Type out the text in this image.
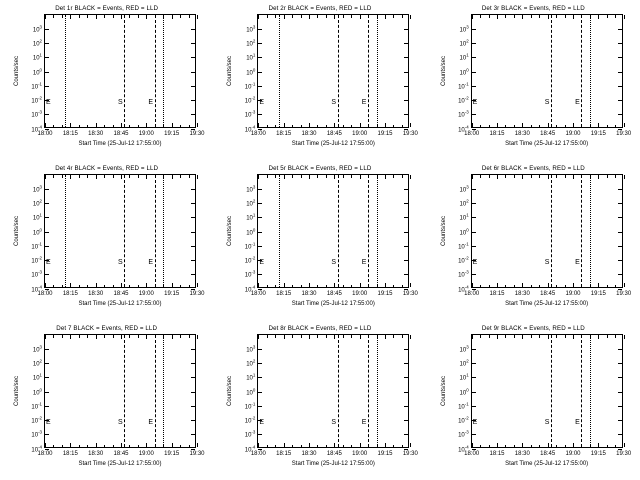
Det 1r BLACK = Events, RED = LLD
Counts/sec
Start Time (25-Jul-12 17:55:00)
18:00 18:15 18:30 18:45 19:00 19:15 19:30
$10^{-4}$
$10^{-3}$
$10^{-2}$
$10^{-1}$
$10^0$
$10^1$
$10^2$
$10^3$
S	E
E
Det 2r BLACK = Events, RED = LLD
Counts/sec
Start Time (25-Jul-12 17:55:00)
18:00 18:15 18:30 18:45 19:00 19:15 19:30
$10^{-4}$
$10^{-3}$
$10^{-2}$
$10^{-1}$
$10^0$
$10^1$
$10^2$
$10^3$
S	E
E
Det 3r BLACK = Events, RED = LLD
Counts/sec
Start Time (25-Jul-12 17:55:00)
18:00 18:15 18:30 18:45 19:00 19:15 19:30
$10^{-4}$
$10^{-3}$
$10^{-2}$
$10^{-1}$
$10^0$
$10^1$
$10^2$
$10^3$
S	E
E
Det 4r BLACK = Events, RED = LLD
Counts/sec
Start Time (25-Jul-12 17:55:00)
18:00 18:15 18:30 18:45 19:00 19:15 19:30
$10^{-4}$
$10^{-3}$
$10^{-2}$
$10^{-1}$
$10^0$
$10^1$
$10^2$
$10^3$
S	E
E
Det 5r BLACK = Events, RED = LLD
Counts/sec
Start Time (25-Jul-12 17:55:00)
18:00 18:15 18:30 18:45 19:00 19:15 19:30
$10^{-4}$
$10^{-3}$
$10^{-2}$
$10^{-1}$
$10^0$
$10^1$
$10^2$
$10^3$
S	E
E
Det 6r BLACK = Events, RED = LLD
Counts/sec
Start Time (25-Jul-12 17:55:00)
18:00 18:15 18:30 18:45 19:00 19:15 19:30
$10^{-4}$
$10^{-3}$
$10^{-2}$
$10^{-1}$
$10^0$
$10^1$
$10^2$
$10^3$
S	E
E
Det 7 BLACK = Events, RED = LLD
Counts/sec
Start Time (25-Jul-12 17:55:00)
18:00 18:15 18:30 18:45 19:00 19:15 19:30
$10^{-4}$
$10^{-3}$
$10^{-2}$
$10^{-1}$
$10^0$
$10^1$
$10^2$
$10^3$
S	E
E
Det 8r BLACK = Events, RED = LLD
Counts/sec
Start Time (25-Jul-12 17:55:00)
18:00 18:15 18:30 18:45 19:00 19:15 19:30
$10^{-4}$
$10^{-3}$
$10^{-2}$
$10^{-1}$
$10^0$
$10^1$
$10^2$
$10^3$
S	E
E
Det 9r BLACK = Events, RED = LLD
Counts/sec
Start Time (25-Jul-12 17:55:00)
18:00 18:15 18:30 18:45 19:00 19:15 19:30
$10^{-4}$
$10^{-3}$
$10^{-2}$
$10^{-1}$
$10^0$
$10^1$
$10^2$
$10^3$
S	E
E
